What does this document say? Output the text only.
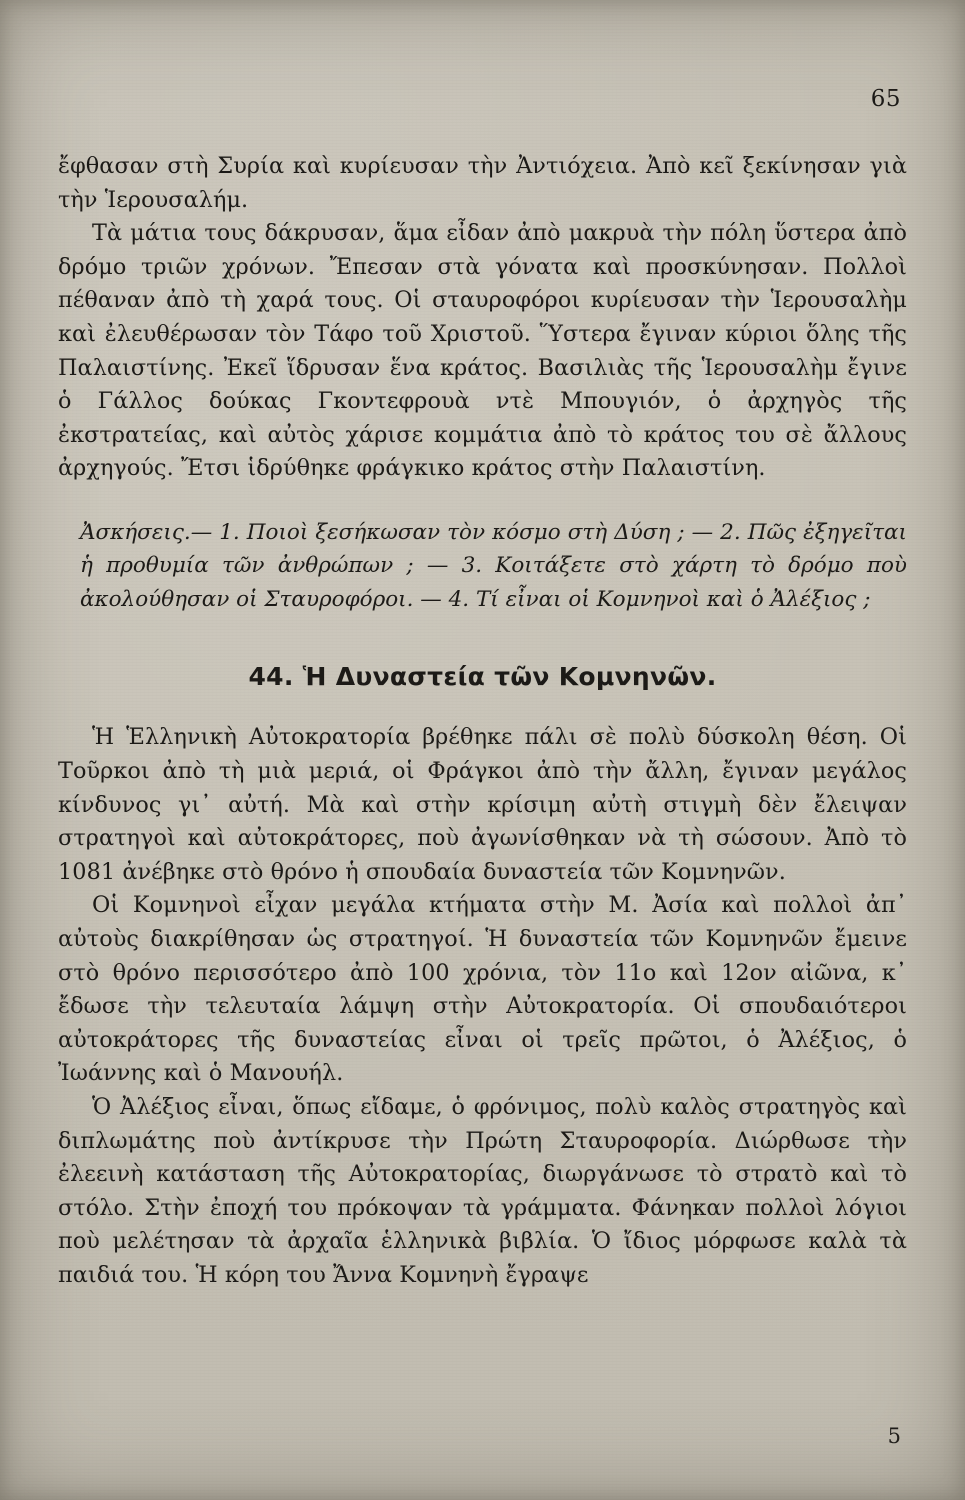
65

ἔφθασαν στὴ Συρία καὶ κυρίευσαν τὴν Ἀντιόχεια. Ἀπὸ κεῖ ξεκίνησαν γιὰ τὴν Ἱερουσαλήμ.

Τὰ μάτια τους δάκρυσαν, ἅμα εἶδαν ἀπὸ μακρυὰ τὴν πόλη ὕστερα ἀπὸ δρόμο τριῶν χρόνων. Ἔπεσαν στὰ γόνατα καὶ προσκύνησαν. Πολλοὶ πέθαναν ἀπὸ τὴ χαρά τους. Οἱ σταυροφόροι κυρίευσαν τὴν Ἱερουσαλὴμ καὶ ἐλευθέρωσαν τὸν Τάφο τοῦ Χριστοῦ. Ὕστερα ἔγιναν κύριοι ὅλης τῆς Παλαιστίνης. Ἐκεῖ ἵδρυσαν ἕνα κράτος. Βασιλιὰς τῆς Ἱερουσαλὴμ ἔγινε ὁ Γάλλος δούκας Γκοντεφρουὰ ντὲ Μπουγιόν, ὁ ἀρχηγὸς τῆς ἐκστρατείας, καὶ αὐτὸς χάρισε κομμάτια ἀπὸ τὸ κράτος του σὲ ἄλλους ἀρχηγούς. Ἔτσι ἱδρύθηκε φράγκικο κράτος στὴν Παλαιστίνη.

Ἀσκήσεις.— 1. Ποιοὶ ξεσήκωσαν τὸν κόσμο στὴ Δύση ; — 2. Πῶς ἐξηγεῖται ἡ προθυμία τῶν ἀνθρώπων ; — 3. Κοιτάξετε στὸ χάρτη τὸ δρόμο ποὺ ἀκολούθησαν οἱ Σταυροφόροι. — 4. Τί εἶναι οἱ Κομνηνοὶ καὶ ὁ Ἀλέξιος ;
44. Ἡ Δυναστεία τῶν Κομνηνῶν.

Ἡ Ἑλληνικὴ Αὐτοκρατορία βρέθηκε πάλι σὲ πολὺ δύσκολη θέση. Οἱ Τοῦρκοι ἀπὸ τὴ μιὰ μεριά, οἱ Φράγκοι ἀπὸ τὴν ἄλλη, ἔγιναν μεγάλος κίνδυνος γι᾿ αὐτή. Μὰ καὶ στὴν κρίσιμη αὐτὴ στιγμὴ δὲν ἔλειψαν στρατηγοὶ καὶ αὐτοκράτορες, ποὺ ἀγωνίσθηκαν νὰ τὴ σώσουν. Ἀπὸ τὸ 1081 ἀνέβηκε στὸ θρόνο ἡ σπουδαία δυναστεία τῶν Κομνηνῶν.

Οἱ Κομνηνοὶ εἶχαν μεγάλα κτήματα στὴν Μ. Ἀσία καὶ πολλοὶ ἀπ᾿ αὐτοὺς διακρίθησαν ὡς στρατηγοί. Ἡ δυναστεία τῶν Κομνηνῶν ἔμεινε στὸ θρόνο περισσότερο ἀπὸ 100 χρόνια, τὸν 11ο καὶ 12ον αἰῶνα, κ᾿ ἔδωσε τὴν τελευταία λάμψη στὴν Αὐτοκρατορία. Οἱ σπουδαιότεροι αὐτοκράτορες τῆς δυναστείας εἶναι οἱ τρεῖς πρῶτοι, ὁ Ἀλέξιος, ὁ Ἰωάννης καὶ ὁ Μανουήλ.

Ὁ Ἀλέξιος εἶναι, ὅπως εἴδαμε, ὁ φρόνιμος, πολὺ καλὸς στρατηγὸς καὶ διπλωμάτης ποὺ ἀντίκρυσε τὴν Πρώτη Σταυροφορία. Διώρθωσε τὴν ἐλεεινὴ κατάσταση τῆς Αὐτοκρατορίας, διωργάνωσε τὸ στρατὸ καὶ τὸ στόλο. Στὴν ἐποχή του πρόκοψαν τὰ γράμματα. Φάνηκαν πολλοὶ λόγιοι ποὺ μελέτησαν τὰ ἀρχαῖα ἑλληνικὰ βιβλία. Ὁ ἴδιος μόρφωσε καλὰ τὰ παιδιά του. Ἡ κόρη του Ἄννα Κομνηνὴ ἔγραψε

5
